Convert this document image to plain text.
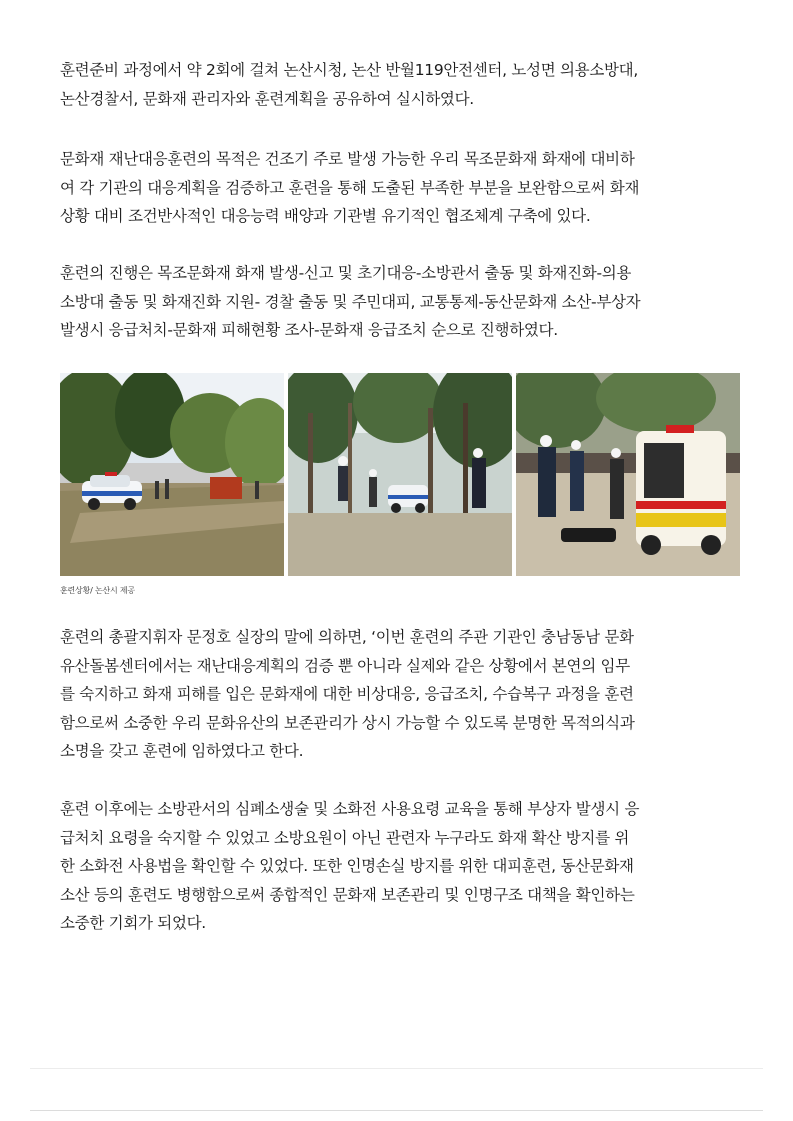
훈련준비 과정에서 약 2회에 걸쳐 논산시청, 논산 반월119안전센터, 노성면 의용소방대,
논산경찰서, 문화재 관리자와 훈련계획을 공유하여 실시하였다.

문화재 재난대응훈련의 목적은 건조기 주로 발생 가능한 우리 목조문화재 화재에 대비하
여 각 기관의 대응계획을 검증하고 훈련을 통해 도출된 부족한 부분을 보완함으로써 화재
상황 대비 조건반사적인 대응능력 배양과 기관별 유기적인 협조체계 구축에 있다.

훈련의 진행은 목조문화재 화재 발생-신고 및 초기대응-소방관서 출동 및 화재진화-의용
소방대 출동 및 화재진화 지원- 경찰 출동 및 주민대피, 교통통제-동산문화재 소산-부상자
발생시 응급처치-문화재 피해현황 조사-문화재 응급조치 순으로 진행하였다.

훈련상황/ 논산시 제공

훈련의 총괄지휘자 문정호 실장의 말에 의하면, ‘이번 훈련의 주관 기관인 충남동남 문화
유산돌봄센터에서는 재난대응계획의 검증 뿐 아니라 실제와 같은 상황에서 본연의 임무
를 숙지하고 화재 피해를 입은 문화재에 대한 비상대응, 응급조치, 수습복구 과정을 훈련
함으로써 소중한 우리 문화유산의 보존관리가 상시 가능할 수 있도록 분명한 목적의식과
소명을 갖고 훈련에 임하였다고 한다.

훈련 이후에는 소방관서의 심폐소생술 및 소화전 사용요령 교육을 통해 부상자 발생시 응
급처치 요령을 숙지할 수 있었고 소방요원이 아닌 관련자 누구라도 화재 확산 방지를 위
한 소화전 사용법을 확인할 수 있었다. 또한 인명손실 방지를 위한 대피훈련, 동산문화재
소산 등의 훈련도 병행함으로써 종합적인 문화재 보존관리 및 인명구조 대책을 확인하는
소중한 기회가 되었다.
